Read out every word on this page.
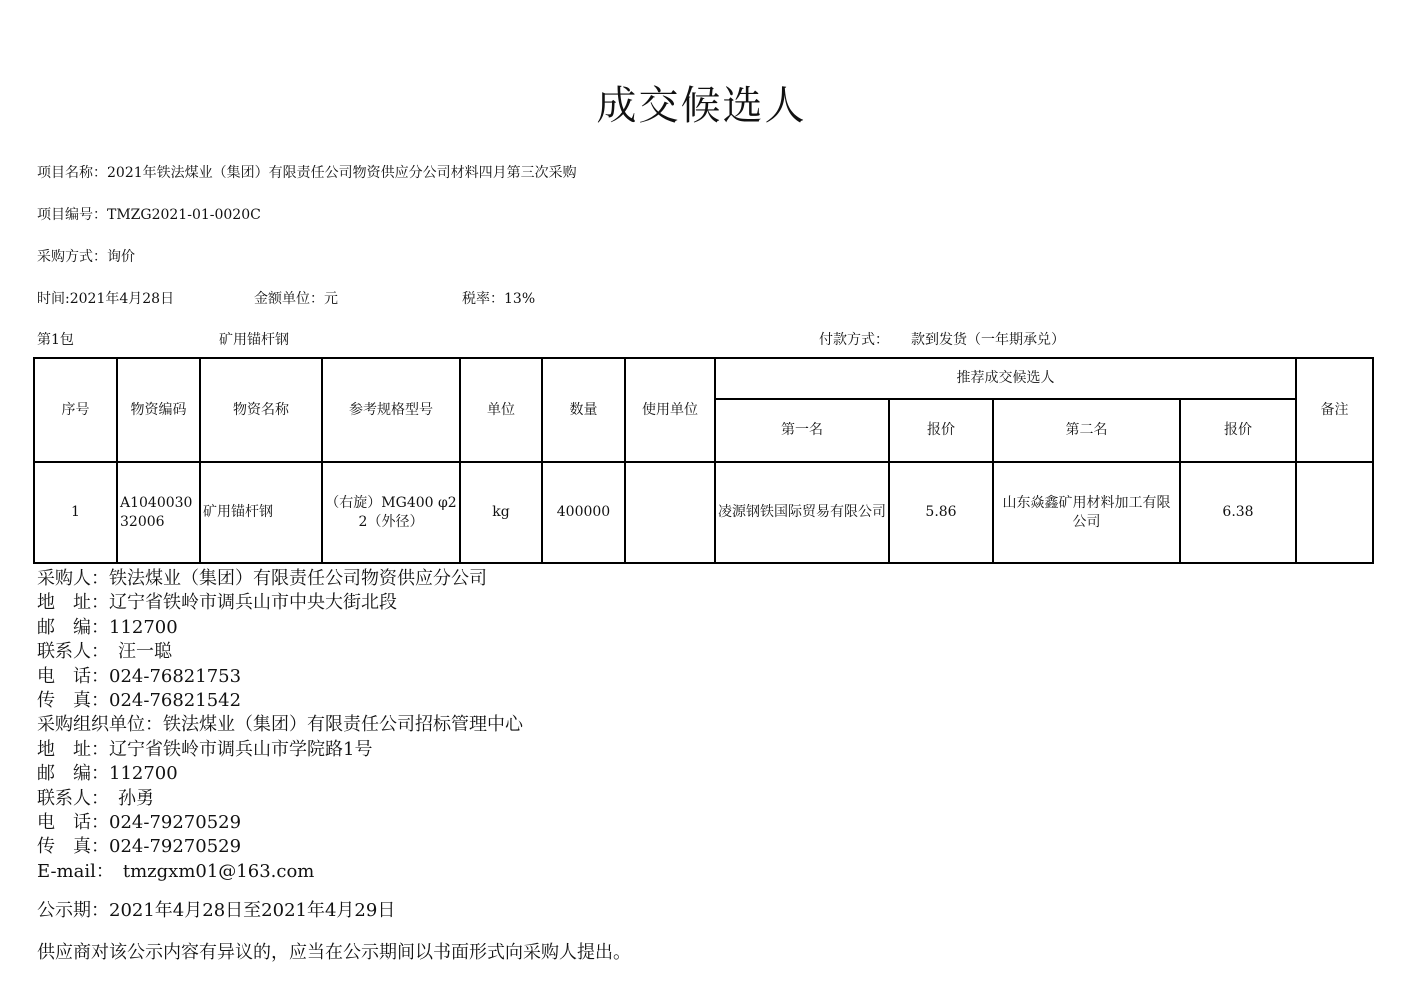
成交候选人
项目名称：2021年铁法煤业（集团）有限责任公司物资供应分公司材料四月第三次采购
项目编号：TMZG2021-01-0020C
采购方式：询价
时间:2021年4月28日	金额单位：元	税率：13%
第1包	矿用锚杆钢	付款方式： 款到发货（一年期承兑）
序号	物资编码	物资名称	参考规格型号	单位	数量	使用单位	推荐成交候选人				备注
							第一名	报价	第二名	报价	
1	A104003032006	矿用锚杆钢	（右旋）MG400 φ22（外径）	kg	400000		凌源钢铁国际贸易有限公司	5.86	山东焱鑫矿用材料加工有限公司	6.38	
采购人：铁法煤业（集团）有限责任公司物资供应分公司
地　址：辽宁省铁岭市调兵山市中央大街北段
邮　编：112700
联系人：　汪一聪
电　话：024-76821753
传　真：024-76821542
采购组织单位：铁法煤业（集团）有限责任公司招标管理中心
地　址：辽宁省铁岭市调兵山市学院路1号
邮　编：112700
联系人：　孙勇
电　话：024-79270529
传　真：024-79270529
E-mail：　tmzgxm01@163.com
公示期：2021年4月28日至2021年4月29日
供应商对该公示内容有异议的，应当在公示期间以书面形式向采购人提出。
